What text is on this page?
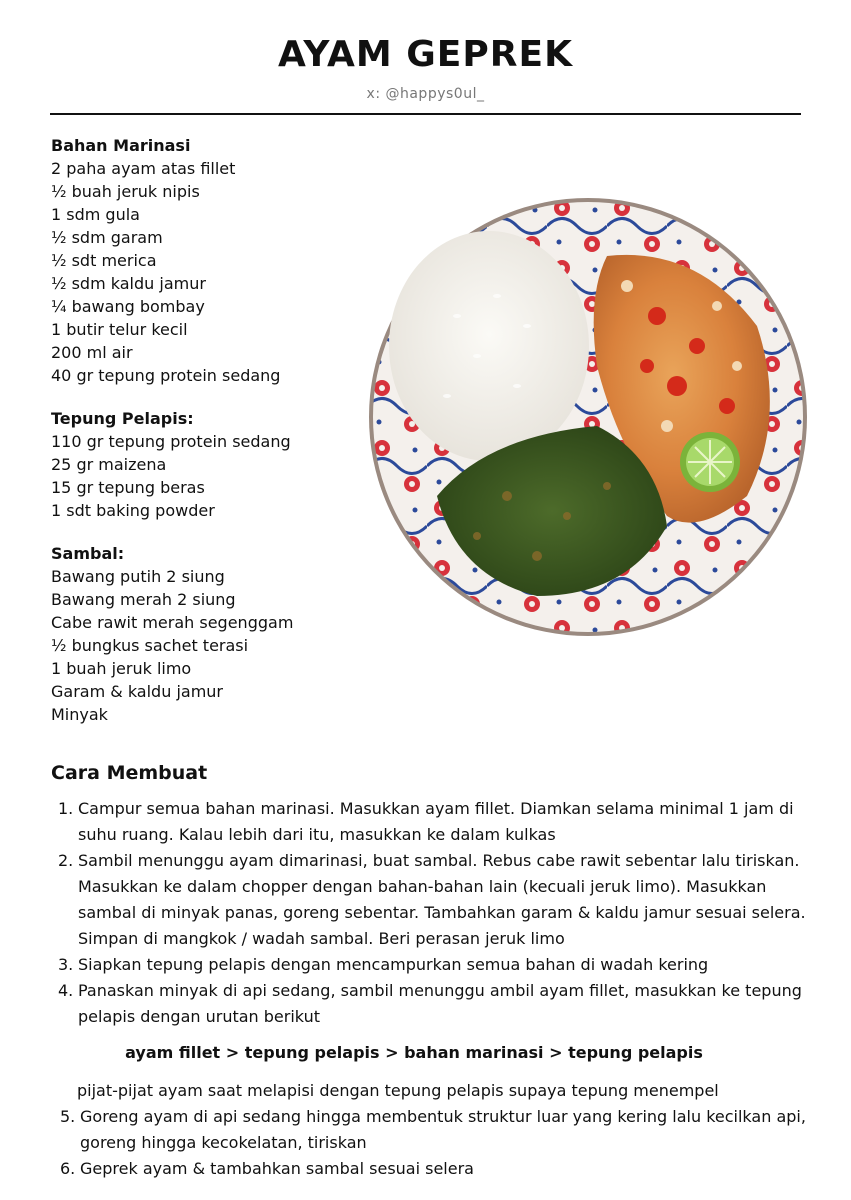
AYAM GEPREK
x: @happys0ul_
Bahan Marinasi
2 paha ayam atas fillet
½ buah jeruk nipis
1 sdm gula
½ sdm garam
½ sdt merica
½ sdm kaldu jamur
¼ bawang bombay
1 butir telur kecil
200 ml air
40 gr tepung protein sedang
Tepung Pelapis:
110 gr tepung protein sedang
25 gr maizena
15 gr tepung beras
1 sdt baking powder
Sambal:
Bawang putih 2 siung
Bawang merah 2 siung
Cabe rawit merah segenggam
½ bungkus sachet terasi
1 buah jeruk limo
Garam & kaldu jamur
Minyak
Cara Membuat
1. Campur semua bahan marinasi. Masukkan ayam fillet. Diamkan selama minimal 1 jam di suhu ruang. Kalau lebih dari itu, masukkan ke dalam kulkas
2. Sambil menunggu ayam dimarinasi, buat sambal. Rebus cabe rawit sebentar lalu tiriskan. Masukkan ke dalam chopper dengan bahan-bahan lain (kecuali jeruk limo). Masukkan sambal di minyak panas, goreng sebentar. Tambahkan garam & kaldu jamur sesuai selera. Simpan di mangkok / wadah sambal. Beri perasan jeruk limo
3. Siapkan tepung pelapis dengan mencampurkan semua bahan di wadah kering
4. Panaskan minyak di api sedang, sambil menunggu ambil ayam fillet, masukkan ke tepung pelapis dengan urutan berikut
ayam fillet > tepung pelapis > bahan marinasi > tepung pelapis
pijat-pijat ayam saat melapisi dengan tepung pelapis supaya tepung menempel
5. Goreng ayam di api sedang hingga membentuk struktur luar yang kering lalu kecilkan api, goreng hingga kecokelatan, tiriskan
6. Geprek ayam & tambahkan sambal sesuai selera
